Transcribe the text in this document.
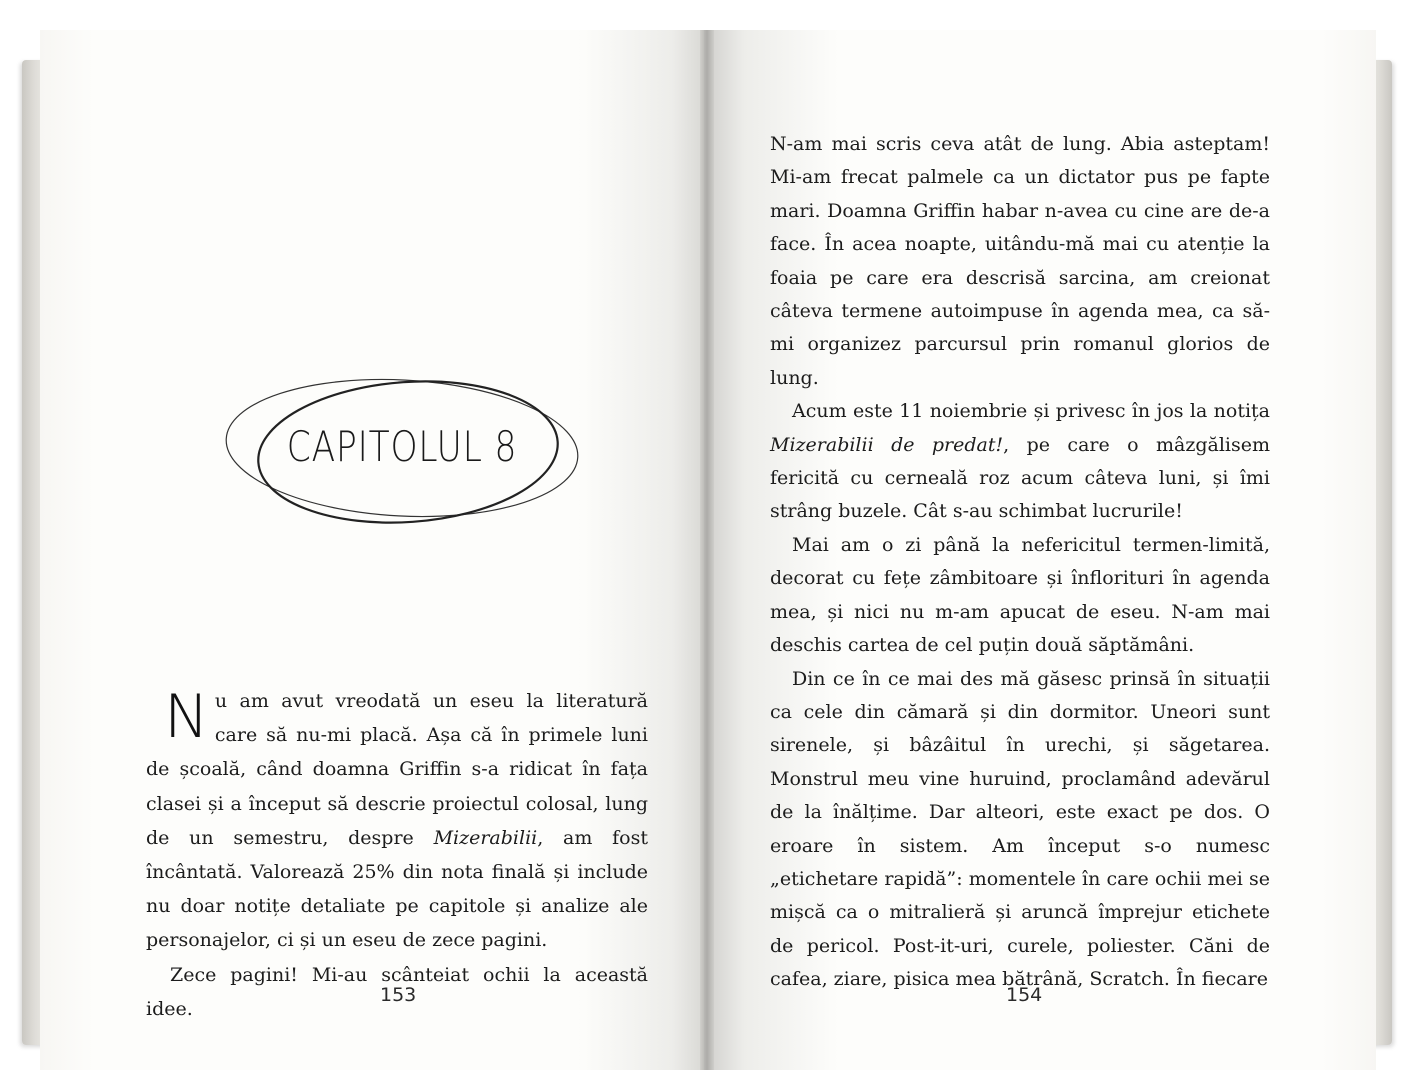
CAPITOLUL 8

Nu am avut vreodată un eseu la literatură care să nu-mi placă. Așa că în primele luni de școală, când doamna Griffin s-a ridicat în fața clasei și a început să descrie proiectul colosal, lung de un semestru, despre Mizerabilii, am fost încântată. Valorează 25% din nota finală și include nu doar notițe detaliate pe capitole și analize ale personajelor, ci și un eseu de zece pagini.

Zece pagini! Mi-au scânteiat ochii la această idee.

153

N-am mai scris ceva atât de lung. Abia asteptam! Mi-am frecat palmele ca un dictator pus pe fapte mari. Doamna Griffin habar n-avea cu cine are de-a face. În acea noapte, uitându-mă mai cu atenție la foaia pe care era descrisă sarcina, am creionat câteva termene autoimpuse în agenda mea, ca să-mi organizez parcursul prin romanul glorios de lung.

Acum este 11 noiembrie și privesc în jos la notița Mizerabilii de predat!, pe care o mâzgălisem fericită cu cerneală roz acum câteva luni, și îmi strâng buzele. Cât s-au schimbat lucrurile!

Mai am o zi până la nefericitul termen-limită, decorat cu fețe zâmbitoare și înflorituri în agenda mea, și nici nu m-am apucat de eseu. N-am mai deschis cartea de cel puțin două săptămâni.

Din ce în ce mai des mă găsesc prinsă în situații ca cele din cămară și din dormitor. Uneori sunt sirenele, și bâzâitul în urechi, și săgetarea. Monstrul meu vine huruind, proclamând adevărul de la înălțime. Dar alteori, este exact pe dos. O eroare în sistem. Am început s-o numesc „etichetare rapidă”: momentele în care ochii mei se mișcă ca o mitralieră și aruncă împrejur etichete de pericol. Post-it-uri, curele, poliester. Căni de cafea, ziare, pisica mea bătrână, Scratch. În fiecare

154
